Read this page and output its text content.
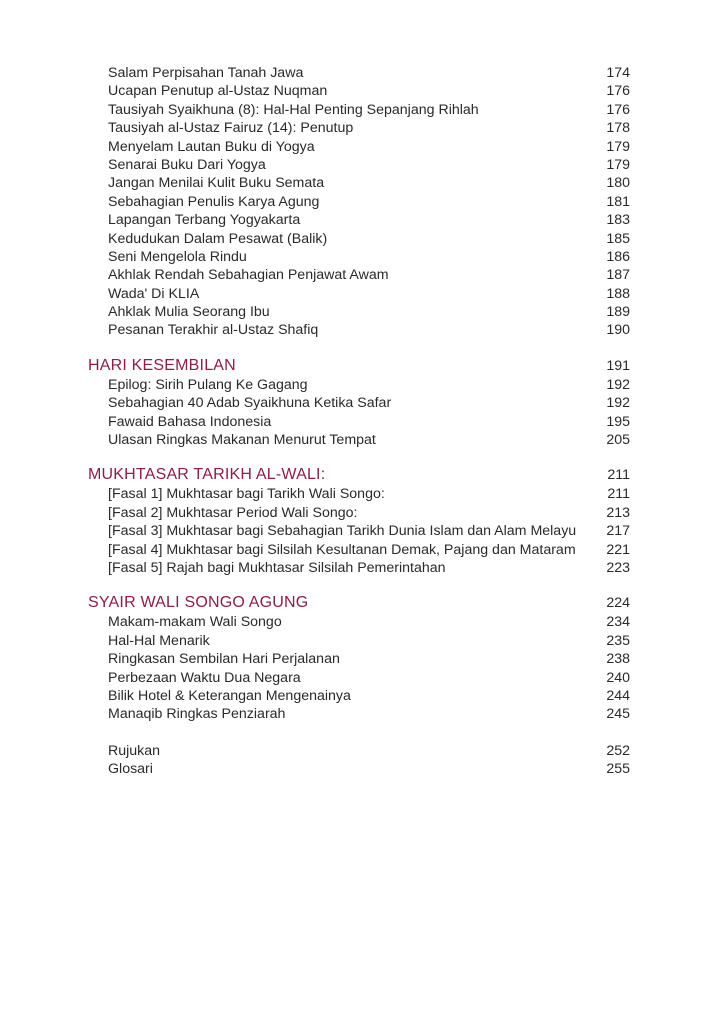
Salam Perpisahan Tanah Jawa	174
Ucapan Penutup al-Ustaz Nuqman	176
Tausiyah Syaikhuna (8): Hal-Hal Penting Sepanjang Rihlah	176
Tausiyah al-Ustaz Fairuz (14): Penutup	178
Menyelam Lautan Buku di Yogya	179
Senarai Buku Dari Yogya	179
Jangan Menilai Kulit Buku Semata	180
Sebahagian Penulis Karya Agung	181
Lapangan Terbang Yogyakarta	183
Kedudukan Dalam Pesawat (Balik)	185
Seni Mengelola Rindu	186
Akhlak Rendah Sebahagian Penjawat Awam	187
Wada' Di KLIA	188
Ahklak Mulia Seorang Ibu	189
Pesanan Terakhir al-Ustaz Shafiq	190
HARI KESEMBILAN	191
Epilog: Sirih Pulang Ke Gagang	192
Sebahagian 40 Adab Syaikhuna Ketika Safar	192
Fawaid Bahasa Indonesia	195
Ulasan Ringkas Makanan Menurut Tempat	205
MUKHTASAR TARIKH AL-WALI:	211
[Fasal 1] Mukhtasar bagi Tarikh Wali Songo:	211
[Fasal 2] Mukhtasar Period Wali Songo:	213
[Fasal 3] Mukhtasar bagi Sebahagian Tarikh Dunia Islam dan Alam Melayu 217
[Fasal 4] Mukhtasar bagi Silsilah Kesultanan Demak, Pajang dan Mataram 221
[Fasal 5] Rajah bagi Mukhtasar Silsilah Pemerintahan	223
SYAIR WALI SONGO AGUNG	224
Makam-makam Wali Songo	234
Hal-Hal Menarik	235
Ringkasan Sembilan Hari Perjalanan	238
Perbezaan Waktu Dua Negara	240
Bilik Hotel & Keterangan Mengenainya	244
Manaqib Ringkas Penziarah	245
Rujukan	252
Glosari	255
